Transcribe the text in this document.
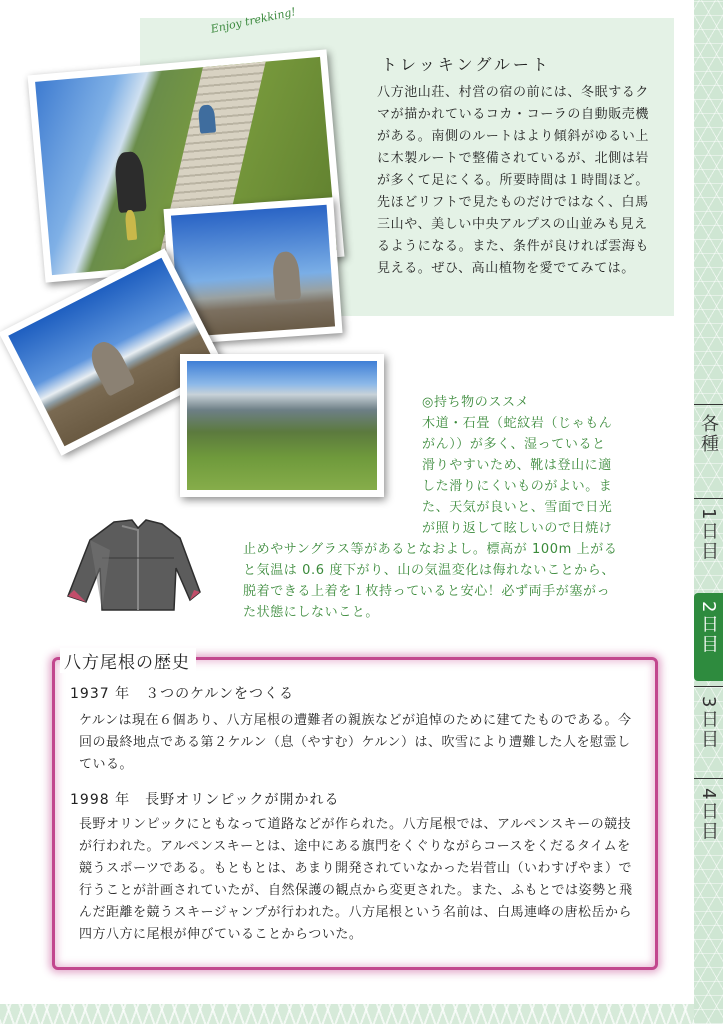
各種
1日目
2日目
3日目
4日目
Enjoy trekking!
トレッキングルート
八方池山荘、村営の宿の前には、冬眠するクマが描かれているコカ・コーラの自動販売機がある。南側のルートはより傾斜がゆるい上に木製ルートで整備されているが、北側は岩が多くて足にくる。所要時間は１時間ほど。先ほどリフトで見たものだけではなく、白馬三山や、美しい中央アルプスの山並みも見えるようになる。また、条件が良ければ雲海も見える。ぜひ、高山植物を愛でてみては。
◎持ち物のススメ
木道・石畳（蛇紋岩（じゃもん
がん））が多く、湿っていると
滑りやすいため、靴は登山に適
した滑りにくいものがよい。ま
た、天気が良いと、雪面で日光
が照り返して眩しいので日焼け
止めやサングラス等があるとなおよし。標高が 100m 上がる
と気温は 0.6 度下がり、山の気温変化は侮れないことから、
脱着できる上着を１枚持っていると安心！必ず両手が塞がっ
た状態にしないこと。
八方尾根の歴史
1937 年　３つのケルンをつくる
ケルンは現在６個あり、八方尾根の遭難者の親族などが追悼のために建てたものである。今回の最終地点である第２ケルン（息（やすむ）ケルン）は、吹雪により遭難した人を慰霊している。
1998 年　長野オリンピックが開かれる
長野オリンピックにともなって道路などが作られた。八方尾根では、アルペンスキーの競技が行われた。アルペンスキーとは、途中にある旗門をくぐりながらコースをくだるタイムを競うスポーツである。もともとは、あまり開発されていなかった岩菅山（いわすげやま）で行うことが計画されていたが、自然保護の観点から変更された。また、ふもとでは姿勢と飛んだ距離を競うスキージャンプが行われた。八方尾根という名前は、白馬連峰の唐松岳から四方八方に尾根が伸びていることからついた。
